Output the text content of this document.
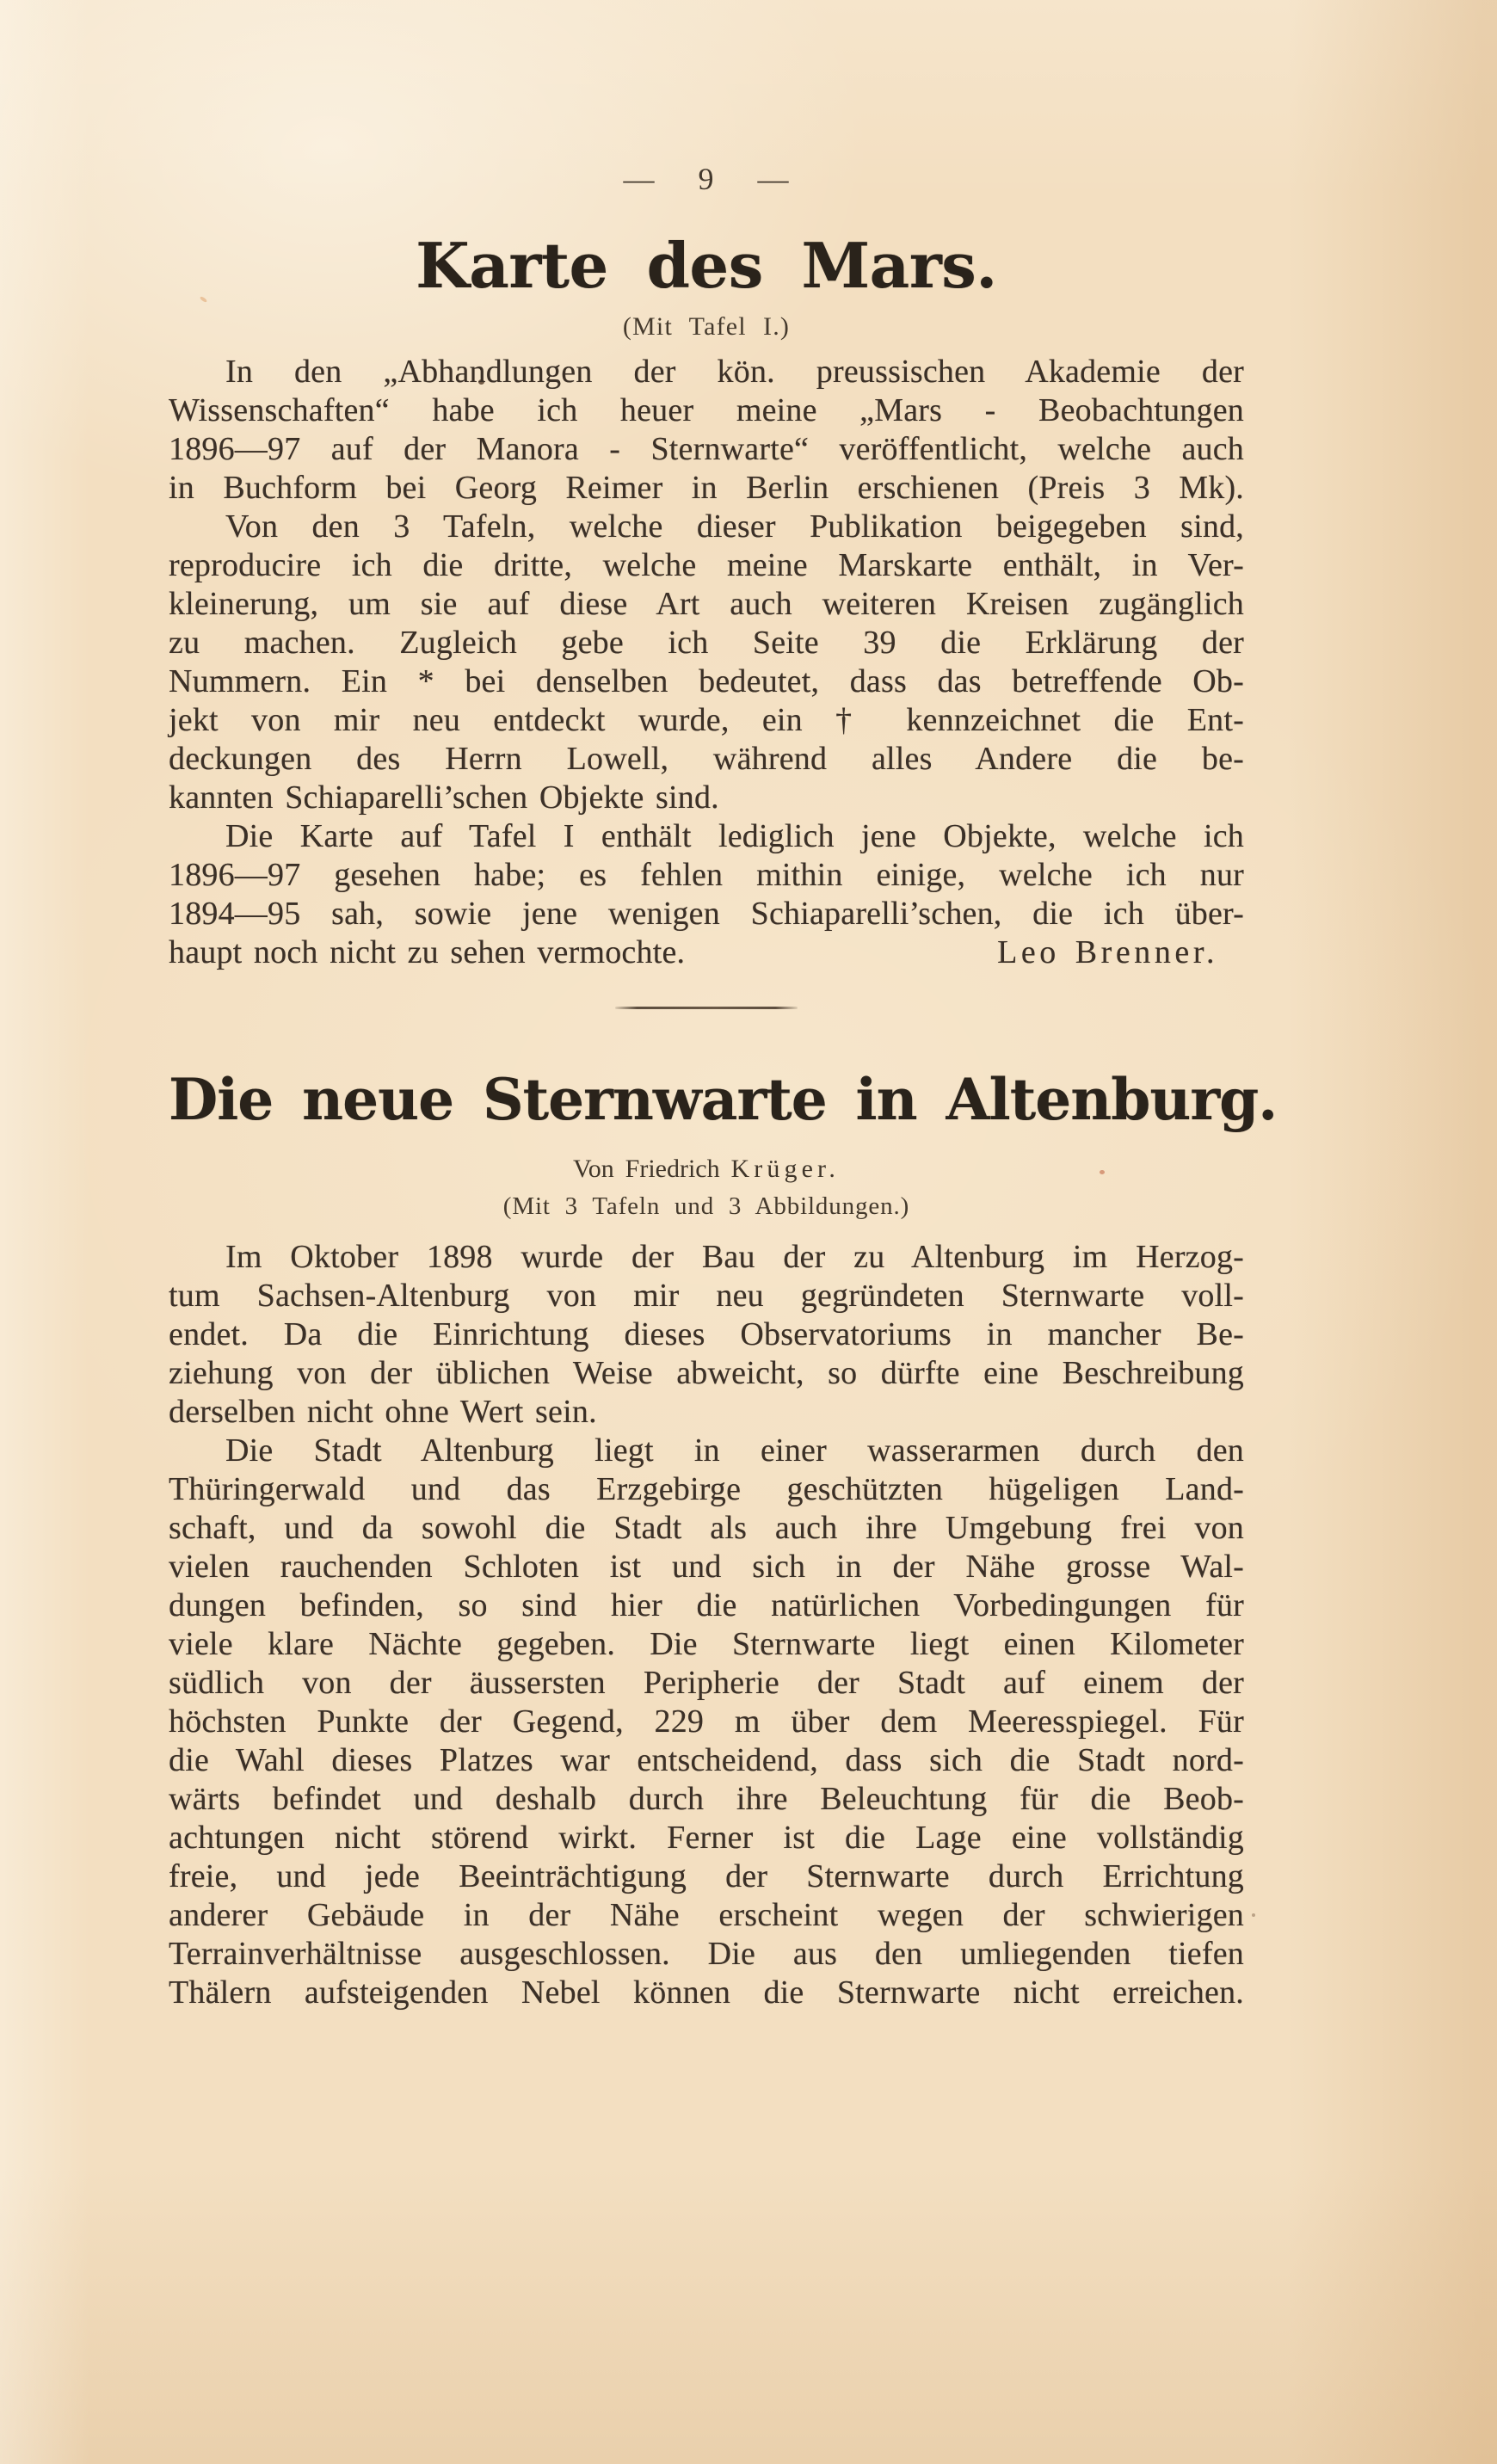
— 9 —
Karte des Mars.
(Mit Tafel I.)
In den „Abhandlungen der kön. preussischen Akademie der
Wissenschaften“ habe ich heuer meine „Mars - Beobachtungen
1896—97 auf der Manora - Sternwarte“ veröffentlicht, welche auch
in Buchform bei Georg Reimer in Berlin erschienen (Preis 3 Mk).
Von den 3 Tafeln, welche dieser Publikation beigegeben sind,
reproducire ich die dritte, welche meine Marskarte enthält, in Ver-
kleinerung, um sie auf diese Art auch weiteren Kreisen zugänglich
zu machen. Zugleich gebe ich Seite 39 die Erklärung der
Nummern. Ein * bei denselben bedeutet, dass das betreffende Ob-
jekt von mir neu entdeckt wurde, ein † kennzeichnet die Ent-
deckungen des Herrn Lowell, während alles Andere die be-
kannten Schiaparelli’schen Objekte sind.
Die Karte auf Tafel I enthält lediglich jene Objekte, welche ich
1896—97 gesehen habe; es fehlen mithin einige, welche ich nur
1894—95 sah, sowie jene wenigen Schiaparelli’schen, die ich über-
haupt noch nicht zu sehen vermochte.	Leo Brenner.
Die neue Sternwarte in Altenburg.
Von Friedrich Krüger.
(Mit 3 Tafeln und 3 Abbildungen.)
Im Oktober 1898 wurde der Bau der zu Altenburg im Herzog-
tum Sachsen-Altenburg von mir neu gegründeten Sternwarte voll-
endet. Da die Einrichtung dieses Observatoriums in mancher Be-
ziehung von der üblichen Weise abweicht, so dürfte eine Beschreibung
derselben nicht ohne Wert sein.
Die Stadt Altenburg liegt in einer wasserarmen durch den
Thüringerwald und das Erzgebirge geschützten hügeligen Land-
schaft, und da sowohl die Stadt als auch ihre Umgebung frei von
vielen rauchenden Schloten ist und sich in der Nähe grosse Wal-
dungen befinden, so sind hier die natürlichen Vorbedingungen für
viele klare Nächte gegeben. Die Sternwarte liegt einen Kilometer
südlich von der äussersten Peripherie der Stadt auf einem der
höchsten Punkte der Gegend, 229 m über dem Meeresspiegel. Für
die Wahl dieses Platzes war entscheidend, dass sich die Stadt nord-
wärts befindet und deshalb durch ihre Beleuchtung für die Beob-
achtungen nicht störend wirkt. Ferner ist die Lage eine vollständig
freie, und jede Beeinträchtigung der Sternwarte durch Errichtung
anderer Gebäude in der Nähe erscheint wegen der schwierigen
Terrainverhältnisse ausgeschlossen. Die aus den umliegenden tiefen
Thälern aufsteigenden Nebel können die Sternwarte nicht erreichen.
